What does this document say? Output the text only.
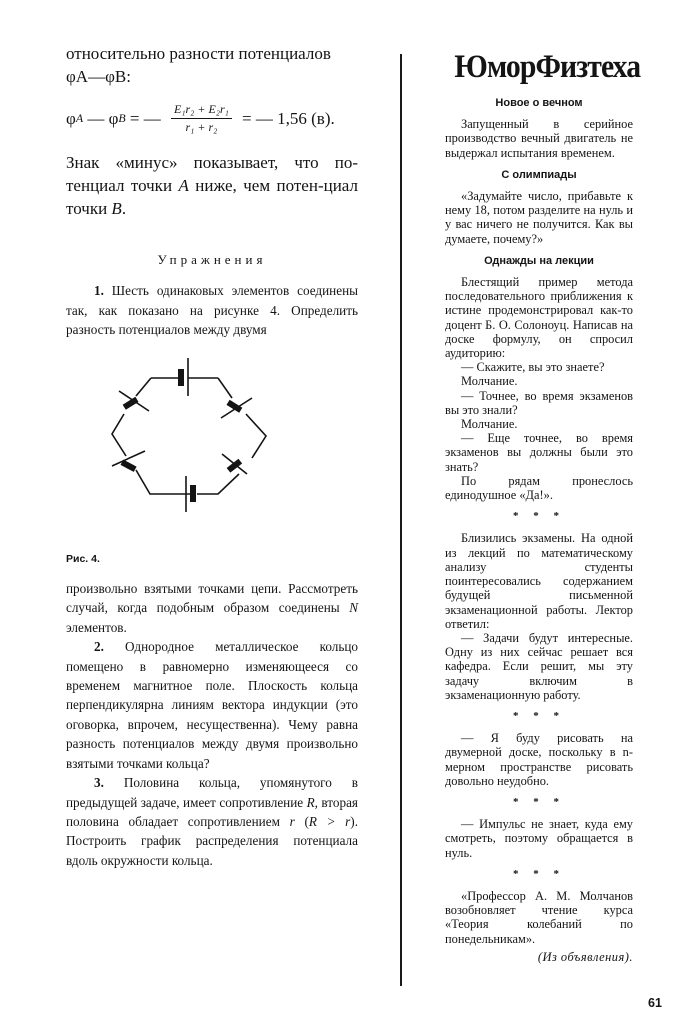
относительно разности потенциалов
φA—φB:

φ A — φ B = — $\frac{\text{E₁r₂ + E₂r₁}}{\text{r₁ + r₂}}$ = — 1,56 (в).

Знак «минус» показывает, что по-тенциал точки A ниже, чем потен-циал точки B.

Упражнения

1. Шесть одинаковых элементов соединены так, как показано на рисунке 4. Определить разность потенциалов между двумя

Рис. 4.

произвольно взятыми точками цепи. Рассмотреть случай, когда подобным образом соединены N элементов.

2. Однородное металлическое кольцо помещено в равномерно изменяющееся со временем магнитное поле. Плоскость кольца перпендикулярна линиям вектора индукции (это оговорка, впрочем, несущественна). Чему равна разность потенциалов между двумя произвольно взятыми точками кольца?

3. Половина кольца, упомянутого в предыдущей задаче, имеет сопротивление R, вторая половина обладает сопротивлением r (R > r). Построить график распределения потенциала вдоль окружности кольца.

ЮморФизтеха
Новое о вечном

Запущенный в серийное производство вечный двигатель не выдержал испытания временем.

С олимпиады

«Задумайте число, прибавьте к нему 18, потом разделите на нуль и у вас ничего не получится. Как вы думаете, почему?»

Однажды на лекции

Блестящий пример метода последовательного приближения к истине продемонстрировал как-то доцент Б. О. Солоноуц. Написав на доске формулу, он спросил аудиторию:

— Скажите, вы это знаете?

Молчание.

— Точнее, во время экзаменов вы это знали?

Молчание.

— Еще точнее, во время экзаменов вы должны были это знать?

По рядам пронеслось единодушное «Да!».

* * *

Близились экзамены. На одной из лекций по математическому анализу студенты поинтересовались содержанием будущей письменной экзаменационной работы. Лектор ответил:

— Задачи будут интересные. Одну из них сейчас решает вся кафедра. Если решит, мы эту задачу включим в экзаменационную работу.

* * *

— Я буду рисовать на двумерной доске, поскольку в n-мерном пространстве рисовать довольно неудобно.

* * *

— Импульс не знает, куда ему смотреть, поэтому обращается в нуль.

* * *

«Профессор А. М. Молчанов возобновляет чтение курса «Теория колебаний по понедельникам».

(Из объявления).
61
